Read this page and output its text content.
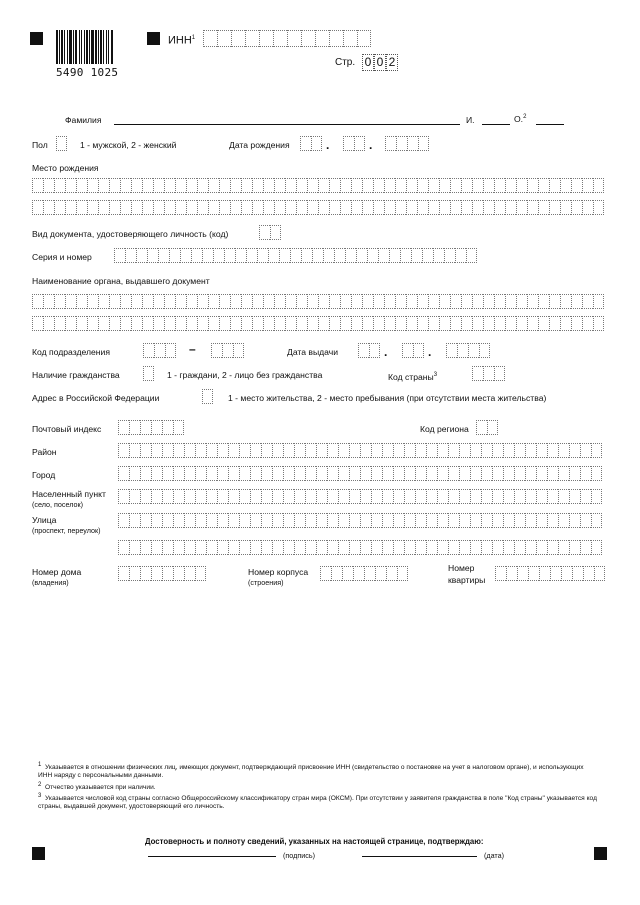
5490 1025
ИНН$^1$
Стр. 0 0 2
Фамилия	И.	О.$^2$
Пол	1 - мужской, 2 - женский	Дата рождения	.	.
Место рождения
Вид документа, удостоверяющего личность (код)
Серия и номер
Наименование органа, выдавшего документ
Код подразделения	–	Дата выдачи	.	.
Наличие гражданства	1 - граждани, 2 - лицо без гражданства	Код страны$^3$
Адрес в Российской Федерации	1 - место жительства, 2 - место пребывания (при отсутствии места жительства)
Почтовый индекс	Код региона
Район
Город
Населенный пункт
(село, поселок)
Улица
(проспект, переулок)
Номер дома
(владения)
Номер корпуса
(строения)
Номер
квартиры
$^1$ Указывается в отношении физических лиц, имеющих документ, подтверждающий присвоение ИНН (свидетельство о постановке на учет в налоговом органе), и использующих ИНН наряду с персональными данными.
$^2$ Отчество указывается при наличии.
$^3$ Указывается числовой код страны согласно Общероссийскому классификатору стран мира (ОКСМ). При отсутствии у заявителя гражданства в поле "Код страны" указывается код страны, выдавшей документ, удостоверяющий его личность.
Достоверность и полноту сведений, указанных на настоящей странице, подтверждаю:
(подпись)	(дата)
